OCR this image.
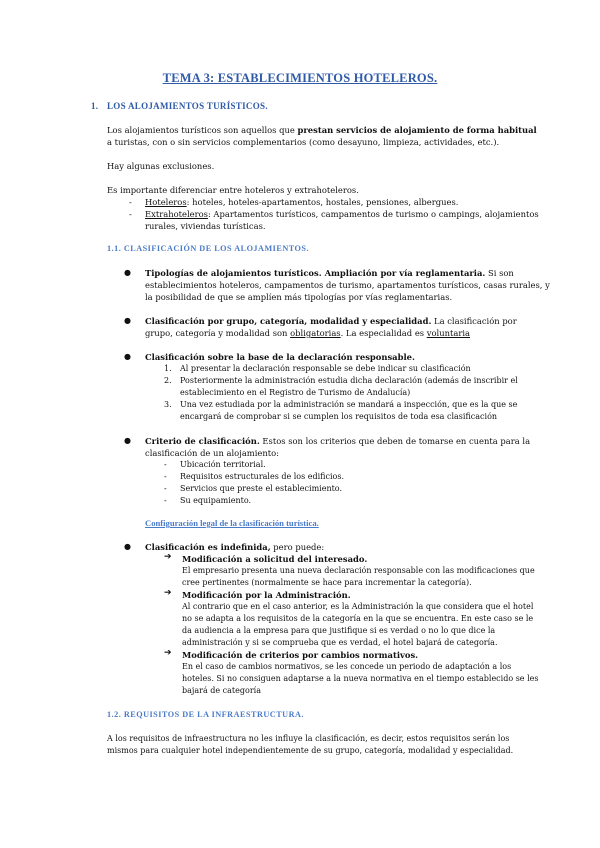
TEMA 3: ESTABLECIMIENTOS HOTELEROS.
1. LOS ALOJAMIENTOS TURÍSTICOS.
Los alojamientos turísticos son aquellos que prestan servicios de alojamiento de forma habitual
a turistas, con o sin servicios complementarios (como desayuno, limpieza, actividades, etc.).
Hay algunas exclusiones.
Es importante diferenciar entre hoteleros y extrahoteleros.
- Hoteleros: hoteles, hoteles-apartamentos, hostales, pensiones, albergues.
- Extrahoteleros: Apartamentos turísticos, campamentos de turismo o campings, alojamientos
rurales, viviendas turísticas.
1.1. CLASIFICACIÓN DE LOS ALOJAMIENTOS.
● Tipologías de alojamientos turísticos. Ampliación por vía reglamentaria. Si son
establecimientos hoteleros, campamentos de turismo, apartamentos turísticos, casas rurales, y
la posibilidad de que se amplíen más tipologías por vías reglamentarias.
● Clasificación por grupo, categoría, modalidad y especialidad. La clasificación por
grupo, categoría y modalidad son obligatorias. La especialidad es voluntaria
● Clasificación sobre la base de la declaración responsable.
1. Al presentar la declaración responsable se debe indicar su clasificación
2. Posteriormente la administración estudia dicha declaración (además de inscribir el
establecimiento en el Registro de Turismo de Andalucía)
3. Una vez estudiada por la administración se mandará a inspección, que es la que se
encargará de comprobar si se cumplen los requisitos de toda esa clasificación
● Criterio de clasificación. Estos son los criterios que deben de tomarse en cuenta para la
clasificación de un alojamiento:
- Ubicación territorial.
- Requisitos estructurales de los edificios.
- Servicios que preste el establecimiento.
- Su equipamiento.
Configuración legal de la clasificación turística.
● Clasificación es indefinida, pero puede:
➔ Modificación a solicitud del interesado.
El empresario presenta una nueva declaración responsable con las modificaciones que
cree pertinentes (normalmente se hace para incrementar la categoría).
➔ Modificación por la Administración.
Al contrario que en el caso anterior, es la Administración la que considera que el hotel
no se adapta a los requisitos de la categoría en la que se encuentra. En este caso se le
da audiencia a la empresa para que justifique si es verdad o no lo que dice la
administración y si se comprueba que es verdad, el hotel bajará de categoría.
➔ Modificación de criterios por cambios normativos.
En el caso de cambios normativos, se les concede un periodo de adaptación a los
hoteles. Si no consiguen adaptarse a la nueva normativa en el tiempo establecido se les
bajará de categoría
1.2. REQUISITOS DE LA INFRAESTRUCTURA.
A los requisitos de infraestructura no les influye la clasificación, es decir, estos requisitos serán los
mismos para cualquier hotel independientemente de su grupo, categoría, modalidad y especialidad.
